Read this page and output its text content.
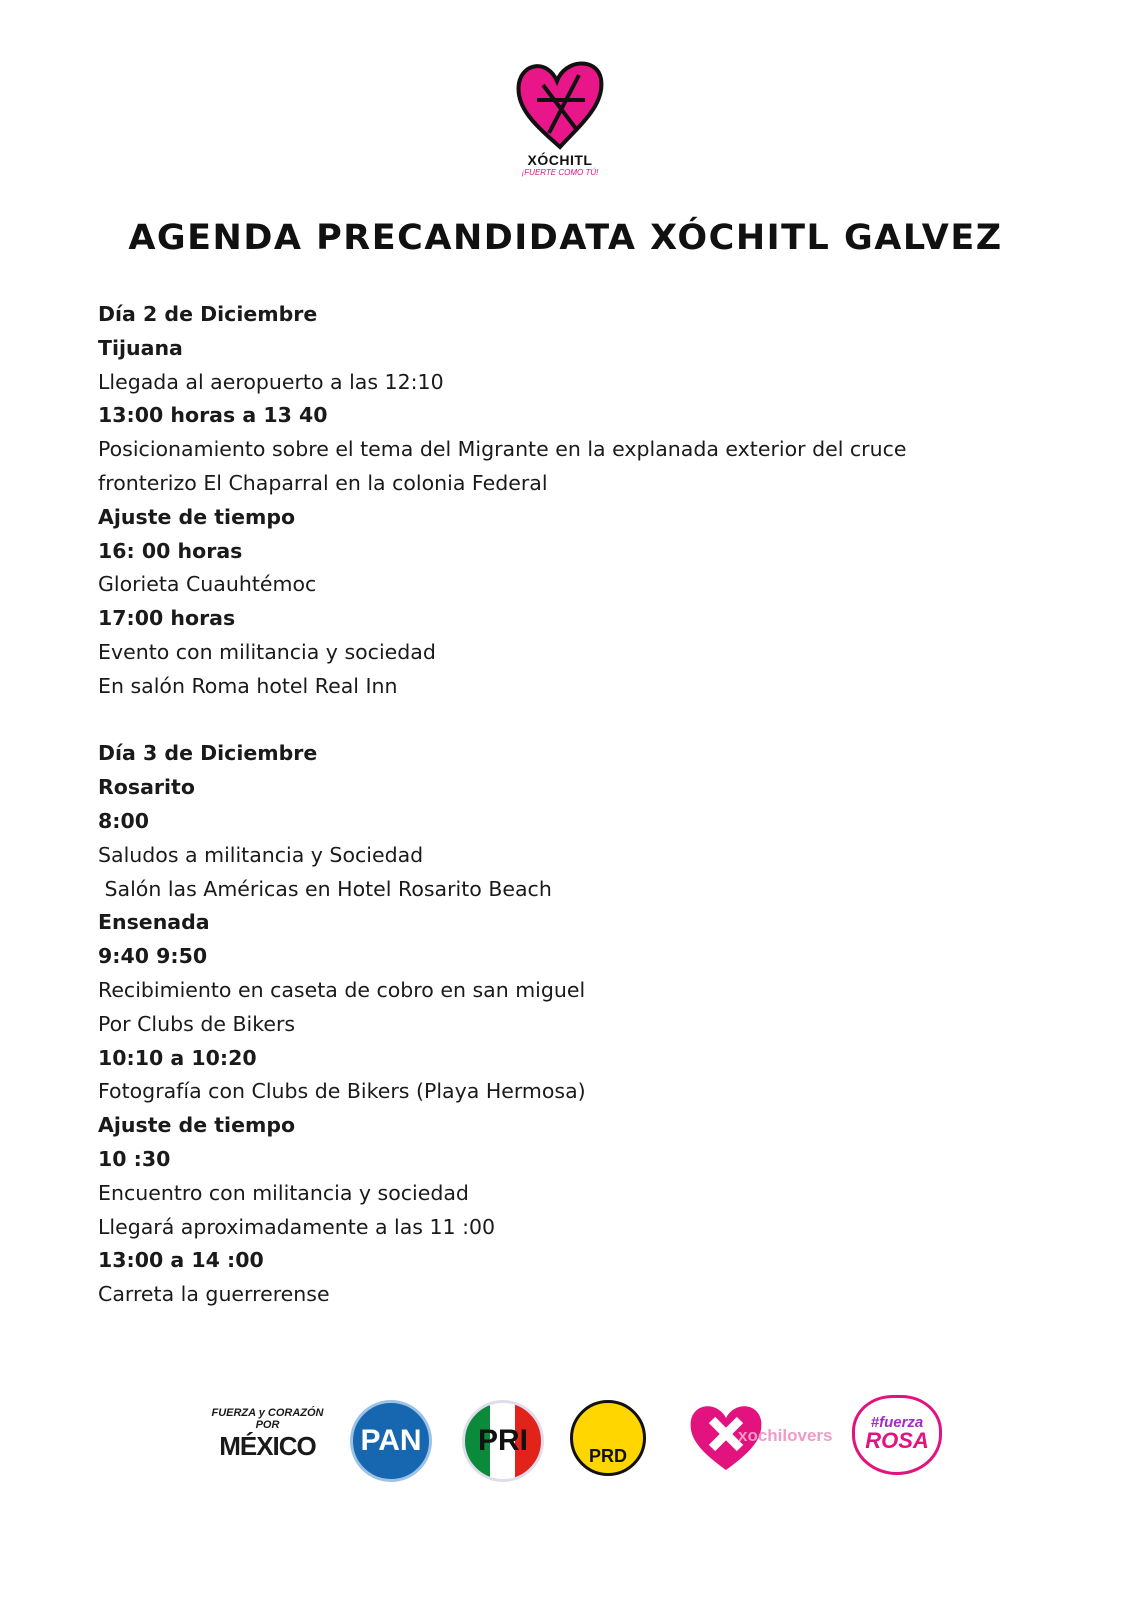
XÓCHITL
¡FUERTE COMO TÚ!
AGENDA PRECANDIDATA XÓCHITL GALVEZ
Día 2 de Diciembre
Tijuana
Llegada al aeropuerto a las 12:10
13:00 horas a 13 40
Posicionamiento sobre el tema del Migrante en la explanada exterior del cruce
fronterizo El Chaparral en la colonia Federal
Ajuste de tiempo
16: 00 horas
Glorieta Cuauhtémoc
17:00 horas
Evento con militancia y sociedad
En salón Roma hotel Real Inn
Día 3 de Diciembre
Rosarito
8:00
Saludos a militancia y Sociedad
Salón las Américas en Hotel Rosarito Beach
Ensenada
9:40 9:50
Recibimiento en caseta de cobro en san miguel
Por Clubs de Bikers
10:10 a 10:20
Fotografía con Clubs de Bikers (Playa Hermosa)
Ajuste de tiempo
10 :30
Encuentro con militancia y sociedad
Llegará aproximadamente a las 11 :00
13:00 a 14 :00
Carreta la guerrerense
FUERZA y CORAZÓN POR
MÉXICO	PAN	PRI	PRD
xochilovers
#fuerza
ROSA
